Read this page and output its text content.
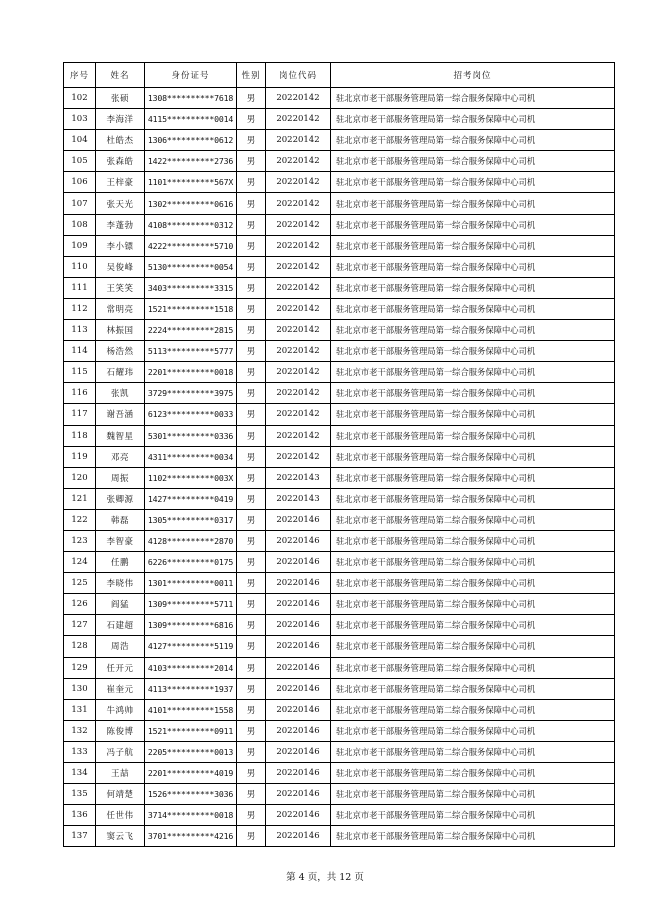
序号	姓名	身份证号	性别	岗位代码	招考岗位
102	张硕	1308**********7618	男	20220142	驻北京市老干部服务管理局第一综合服务保障中心司机
103	李海洋	4115**********0014	男	20220142	驻北京市老干部服务管理局第一综合服务保障中心司机
104	杜皓杰	1306**********0612	男	20220142	驻北京市老干部服务管理局第一综合服务保障中心司机
105	张森皓	1422**********2736	男	20220142	驻北京市老干部服务管理局第一综合服务保障中心司机
106	王梓豪	1101**********567X	男	20220142	驻北京市老干部服务管理局第一综合服务保障中心司机
107	张天光	1302**********0616	男	20220142	驻北京市老干部服务管理局第一综合服务保障中心司机
108	李蓬勃	4108**********0312	男	20220142	驻北京市老干部服务管理局第一综合服务保障中心司机
109	李小镖	4222**********5710	男	20220142	驻北京市老干部服务管理局第一综合服务保障中心司机
110	吴俊峰	5130**********0054	男	20220142	驻北京市老干部服务管理局第一综合服务保障中心司机
111	王笑笑	3403**********3315	男	20220142	驻北京市老干部服务管理局第一综合服务保障中心司机
112	常明亮	1521**********1518	男	20220142	驻北京市老干部服务管理局第一综合服务保障中心司机
113	林振国	2224**********2815	男	20220142	驻北京市老干部服务管理局第一综合服务保障中心司机
114	杨浩然	5113**********5777	男	20220142	驻北京市老干部服务管理局第一综合服务保障中心司机
115	石耀玮	2201**********0018	男	20220142	驻北京市老干部服务管理局第一综合服务保障中心司机
116	张凯	3729**********3975	男	20220142	驻北京市老干部服务管理局第一综合服务保障中心司机
117	谢吾涵	6123**********0033	男	20220142	驻北京市老干部服务管理局第一综合服务保障中心司机
118	魏智星	5301**********0336	男	20220142	驻北京市老干部服务管理局第一综合服务保障中心司机
119	邓亮	4311**********0034	男	20220142	驻北京市老干部服务管理局第一综合服务保障中心司机
120	周振	1102**********003X	男	20220143	驻北京市老干部服务管理局第一综合服务保障中心司机
121	张卿源	1427**********0419	男	20220143	驻北京市老干部服务管理局第一综合服务保障中心司机
122	韩磊	1305**********0317	男	20220146	驻北京市老干部服务管理局第二综合服务保障中心司机
123	李智豪	4128**********2870	男	20220146	驻北京市老干部服务管理局第二综合服务保障中心司机
124	任鹏	6226**********0175	男	20220146	驻北京市老干部服务管理局第二综合服务保障中心司机
125	李晓伟	1301**********0011	男	20220146	驻北京市老干部服务管理局第二综合服务保障中心司机
126	阎猛	1309**********5711	男	20220146	驻北京市老干部服务管理局第二综合服务保障中心司机
127	石建超	1309**********6816	男	20220146	驻北京市老干部服务管理局第二综合服务保障中心司机
128	周浩	4127**********5119	男	20220146	驻北京市老干部服务管理局第二综合服务保障中心司机
129	任开元	4103**********2014	男	20220146	驻北京市老干部服务管理局第二综合服务保障中心司机
130	崔奎元	4113**********1937	男	20220146	驻北京市老干部服务管理局第二综合服务保障中心司机
131	牛鸿帅	4101**********1558	男	20220146	驻北京市老干部服务管理局第二综合服务保障中心司机
132	陈俊博	1521**********0911	男	20220146	驻北京市老干部服务管理局第二综合服务保障中心司机
133	冯子航	2205**********0013	男	20220146	驻北京市老干部服务管理局第二综合服务保障中心司机
134	王喆	2201**********4019	男	20220146	驻北京市老干部服务管理局第二综合服务保障中心司机
135	何靖楚	1526**********3036	男	20220146	驻北京市老干部服务管理局第二综合服务保障中心司机
136	任世伟	3714**********0018	男	20220146	驻北京市老干部服务管理局第二综合服务保障中心司机
137	窦云飞	3701**********4216	男	20220146	驻北京市老干部服务管理局第二综合服务保障中心司机
第 4 页，共 12 页
